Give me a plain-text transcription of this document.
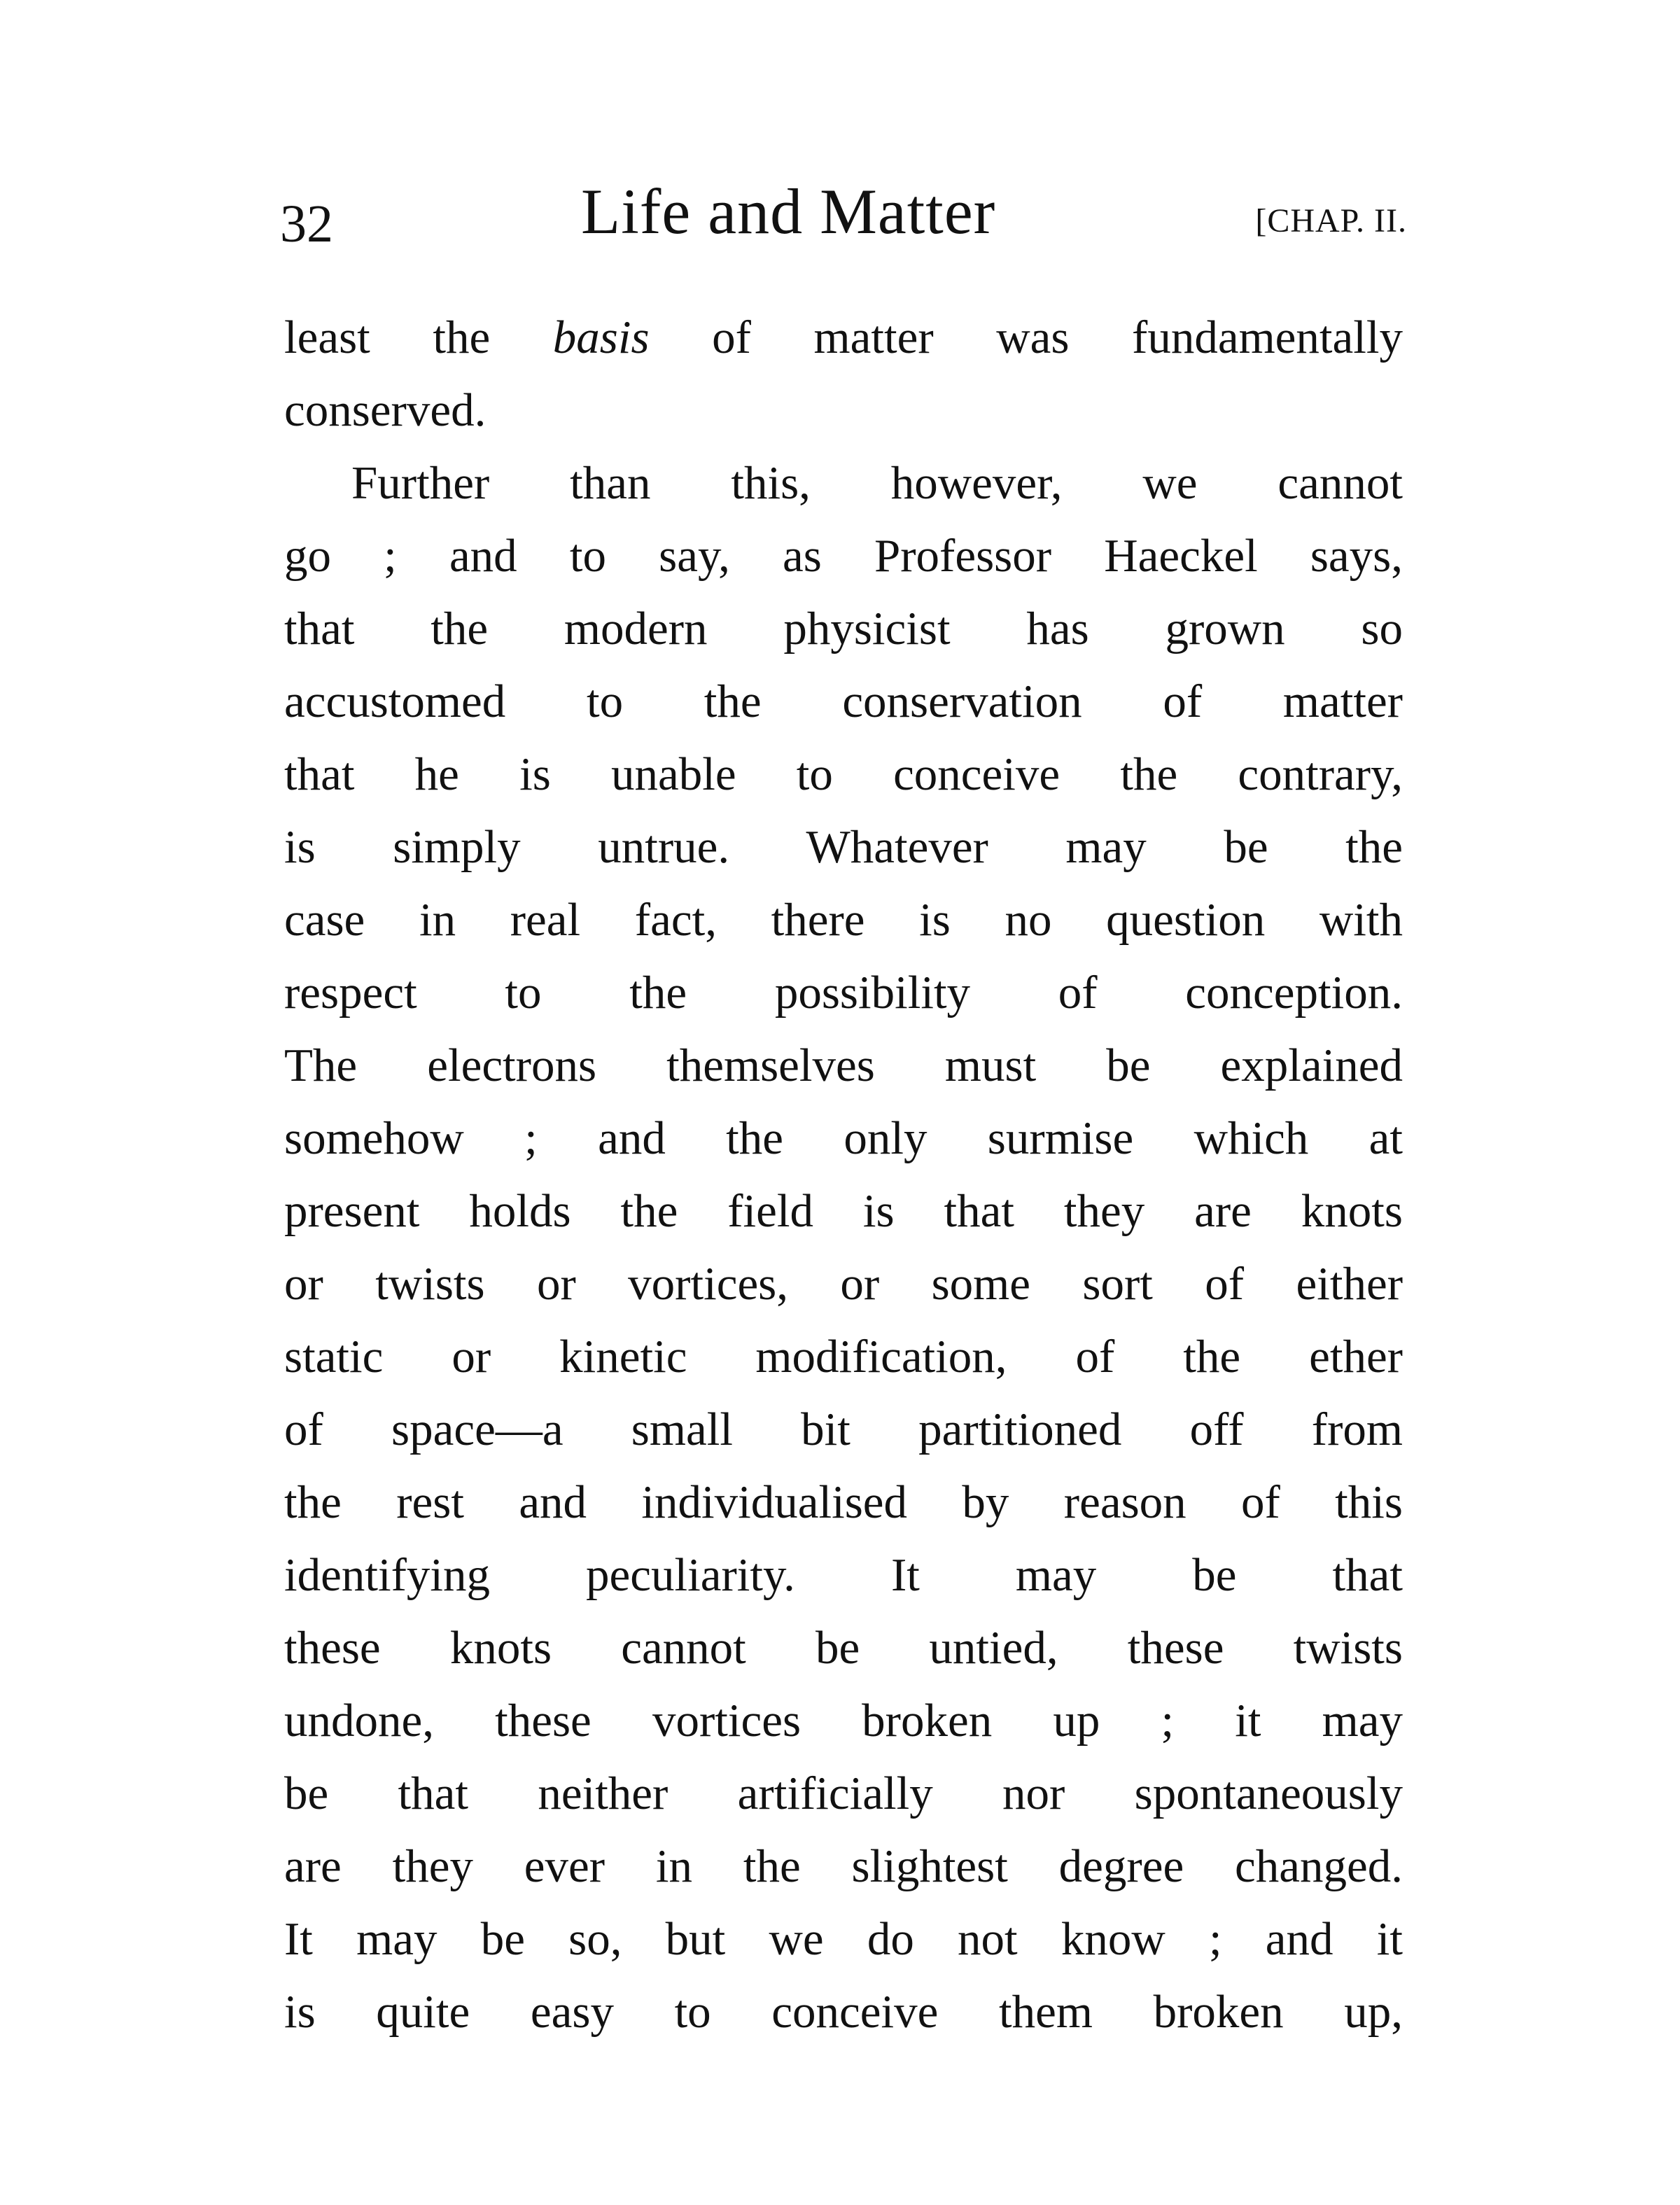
32	Life and Matter	[CHAP. II.
least the basis of matter was fundamentally
conserved.
Further than this, however, we cannot
go ; and to say, as Professor Haeckel says,
that the modern physicist has grown so
accustomed to the conservation of matter
that he is unable to conceive the contrary,
is simply untrue. Whatever may be the
case in real fact, there is no question with
respect to the possibility of conception.
The electrons themselves must be explained
somehow ; and the only surmise which at
present holds the field is that they are knots
or twists or vortices, or some sort of either
static or kinetic modification, of the ether
of space—a small bit partitioned off from
the rest and individualised by reason of this
identifying peculiarity. It may be that
these knots cannot be untied, these twists
undone, these vortices broken up ; it may
be that neither artificially nor spontaneously
are they ever in the slightest degree changed.
It may be so, but we do not know ; and it
is quite easy to conceive them broken up,
